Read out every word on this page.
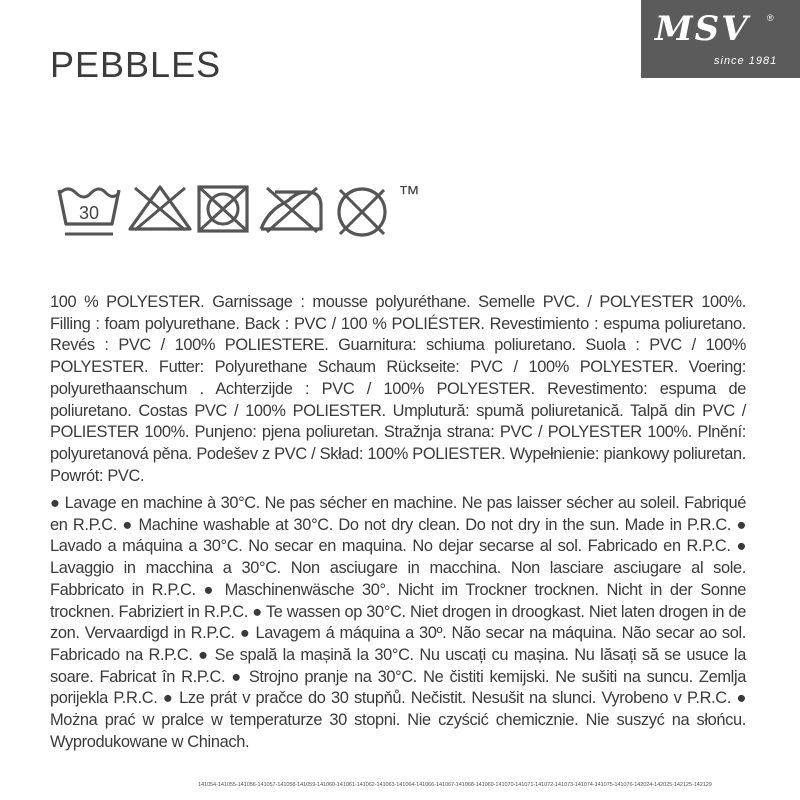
PEBBLES
MSV ®
since 1981
30
™

100 % POLYESTER. Garnissage : mousse polyuréthane. Semelle PVC. / POLYESTER 100%. Filling : foam polyurethane. Back : PVC / 100 % POLIÉSTER. Revestimiento : espuma poliuretano. Revés : PVC / 100% POLIESTERE. Guarnitura: schiuma poliuretano. Suola : PVC / 100% POLYESTER. Futter: Polyurethane Schaum Rückseite: PVC / 100% POLYESTER. Voering: polyurethaanschum . Achterzijde : PVC / 100% POLYESTER. Revestimento: espuma de poliuretano. Costas PVC / 100% POLIESTER. Umplutură: spumă poliuretanică. Talpă din PVC / POLIESTER 100%. Punjeno: pjena poliuretan. Stražnja strana: PVC / POLYESTER 100%. Plnění: polyuretanová pěna. Podešev z PVC / Skład: 100% POLIESTER. Wypełnienie: piankowy poliuretan. Powrót: PVC.

● Lavage en machine à 30°C. Ne pas sécher en machine. Ne pas laisser sécher au soleil. Fabriqué en R.P.C. ● Machine washable at 30°C. Do not dry clean. Do not dry in the sun. Made in P.R.C. ● Lavado a máquina a 30°C. No secar en maquina. No dejar secarse al sol. Fabricado en R.P.C. ● Lavaggio in macchina a 30°C. Non asciugare in macchina. Non lasciare asciugare al sole. Fabbricato in R.P.C. ● Maschinenwäsche 30°. Nicht im Trockner trocknen. Nicht in der Sonne trocknen. Fabriziert in R.P.C. ● Te wassen op 30°C. Niet drogen in droogkast. Niet laten drogen in de zon. Vervaardigd in R.P.C. ● Lavagem á máquina a 30º. Não secar na máquina. Não secar ao sol. Fabricado na R.P.C. ● Se spală la mașină la 30°C. Nu uscați cu mașina. Nu lăsați să se usuce la soare. Fabricat în R.P.C. ● Strojno pranje na 30°C. Ne čistiti kemijski. Ne sušiti na suncu. Zemlja porijekla P.R.C. ● Lze prát v pračce do 30 stupňů. Nečistit. Nesušit na slunci. Vyrobeno v P.R.C. ● Można prać w pralce w temperaturze 30 stopni. Nie czyścić chemicznie. Nie suszyć na słońcu. Wyprodukowane w Chinach.

141054-141055-141056-141057-141058-141059-141060-141061-141062-141063-141064-141066-141067-141068-141069-141070-141071-141072-141073-141074-141075-141076-142024-142025-142125-142129
